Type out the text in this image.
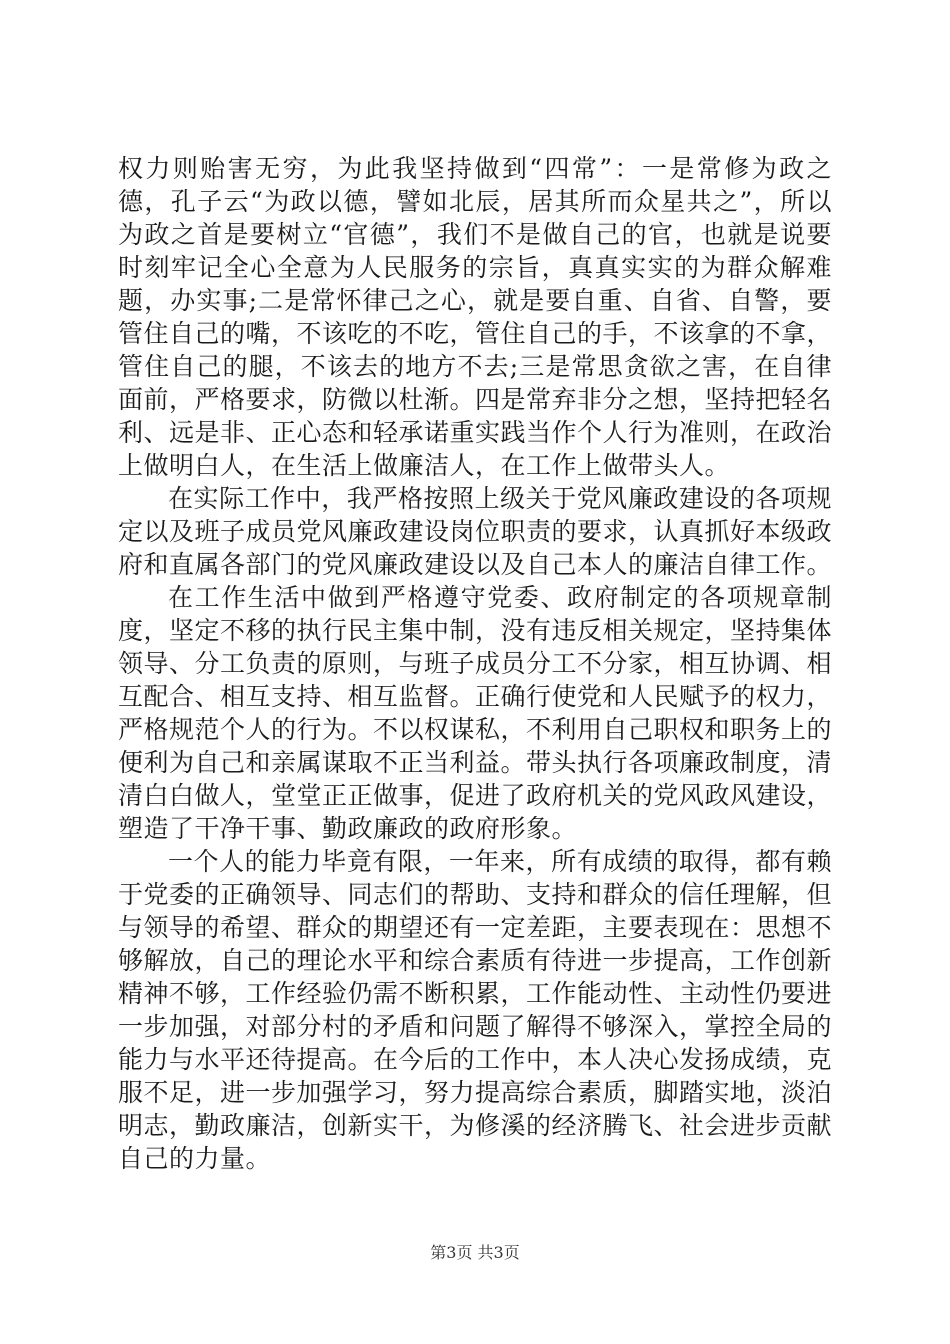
权力则贻害无穷，为此我坚持做到“四常”：一是常修为政之德，孔子云“为政以德，譬如北辰，居其所而众星共之”，所以为政之首是要树立“官德”，我们不是做自己的官，也就是说要时刻牢记全心全意为人民服务的宗旨，真真实实的为群众解难题，办实事;二是常怀律己之心，就是要自重、自省、自警，要管住自己的嘴，不该吃的不吃，管住自己的手，不该拿的不拿，管住自己的腿，不该去的地方不去;三是常思贪欲之害，在自律面前，严格要求，防微以杜渐。四是常弃非分之想，坚持把轻名利、远是非、正心态和轻承诺重实践当作个人行为准则，在政治上做明白人，在生活上做廉洁人，在工作上做带头人。

在实际工作中，我严格按照上级关于党风廉政建设的各项规定以及班子成员党风廉政建设岗位职责的要求，认真抓好本级政府和直属各部门的党风廉政建设以及自己本人的廉洁自律工作。

在工作生活中做到严格遵守党委、政府制定的各项规章制度，坚定不移的执行民主集中制，没有违反相关规定，坚持集体领导、分工负责的原则，与班子成员分工不分家，相互协调、相互配合、相互支持、相互监督。正确行使党和人民赋予的权力，严格规范个人的行为。不以权谋私，不利用自己职权和职务上的便利为自己和亲属谋取不正当利益。带头执行各项廉政制度，清清白白做人，堂堂正正做事，促进了政府机关的党风政风建设，塑造了干净干事、勤政廉政的政府形象。

一个人的能力毕竟有限，一年来，所有成绩的取得，都有赖于党委的正确领导、同志们的帮助、支持和群众的信任理解，但与领导的希望、群众的期望还有一定差距，主要表现在：思想不够解放，自己的理论水平和综合素质有待进一步提高，工作创新精神不够，工作经验仍需不断积累，工作能动性、主动性仍要进一步加强，对部分村的矛盾和问题了解得不够深入，掌控全局的能力与水平还待提高。在今后的工作中，本人决心发扬成绩，克服不足，进一步加强学习，努力提高综合素质，脚踏实地，淡泊明志，勤政廉洁，创新实干，为修溪的经济腾飞、社会进步贡献自己的力量。

第3页 共3页
